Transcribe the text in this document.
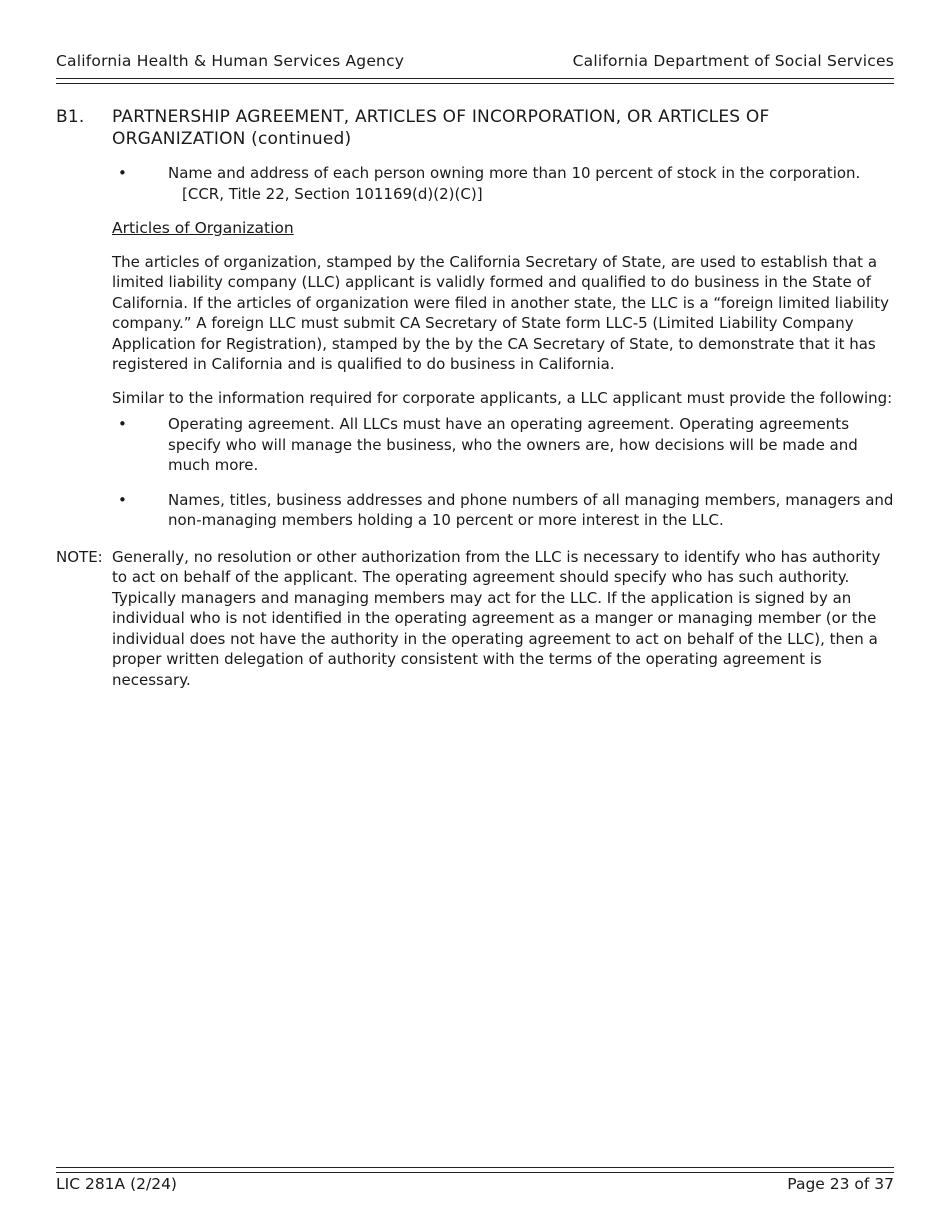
California Health & Human Services Agency	California Department of Social Services
B1.	PARTNERSHIP AGREEMENT, ARTICLES OF INCORPORATION, OR ARTICLES OF ORGANIZATION (continued)
•	Name and address of each person owning more than 10 percent of stock in the corporation.
[CCR, Title 22, Section 101169(d)(2)(C)]
Articles of Organization

The articles of organization, stamped by the California Secretary of State, are used to establish that a limited liability company (LLC) applicant is validly formed and qualified to do business in the State of California. If the articles of organization were filed in another state, the LLC is a “foreign limited liability company.” A foreign LLC must submit CA Secretary of State form LLC-5 (Limited Liability Company Application for Registration), stamped by the by the CA Secretary of State, to demonstrate that it has registered in California and is qualified to do business in California.

Similar to the information required for corporate applicants, a LLC applicant must provide the following:

•	Operating agreement. All LLCs must have an operating agreement. Operating agreements specify who will manage the business, who the owners are, how decisions will be made and much more.
•	Names, titles, business addresses and phone numbers of all managing members, managers and non-managing members holding a 10 percent or more interest in the LLC.
NOTE: Generally, no resolution or other authorization from the LLC is necessary to identify who has authority to act on behalf of the applicant. The operating agreement should specify who has such authority. Typically managers and managing members may act for the LLC. If the application is signed by an individual who is not identified in the operating agreement as a manger or managing member (or the individual does not have the authority in the operating agreement to act on behalf of the LLC), then a proper written delegation of authority consistent with the terms of the operating agreement is necessary.
LIC 281A (2/24)	Page 23 of 37
